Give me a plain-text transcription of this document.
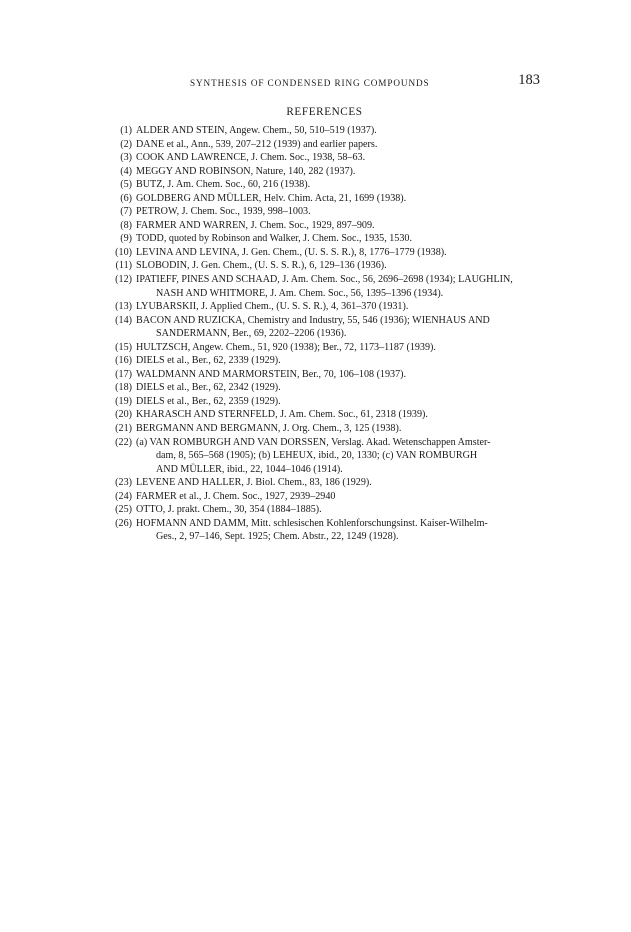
SYNTHESIS OF CONDENSED RING COMPOUNDS	183
REFERENCES
(1) ALDER AND STEIN, Angew. Chem., 50, 510–519 (1937).
(2) DANE et al., Ann., 539, 207–212 (1939) and earlier papers.
(3) COOK AND LAWRENCE, J. Chem. Soc., 1938, 58–63.
(4) MEGGY AND ROBINSON, Nature, 140, 282 (1937).
(5) BUTZ, J. Am. Chem. Soc., 60, 216 (1938).
(6) GOLDBERG AND MÜLLER, Helv. Chim. Acta, 21, 1699 (1938).
(7) PETROW, J. Chem. Soc., 1939, 998–1003.
(8) FARMER AND WARREN, J. Chem. Soc., 1929, 897–909.
(9) TODD, quoted by Robinson and Walker, J. Chem. Soc., 1935, 1530.
(10) LEVINA AND LEVINA, J. Gen. Chem., (U. S. S. R.), 8, 1776–1779 (1938).
(11) SLOBODIN, J. Gen. Chem., (U. S. S. R.), 6, 129–136 (1936).
(12) IPATIEFF, PINES AND SCHAAD, J. Am. Chem. Soc., 56, 2696–2698 (1934); LAUGHLIN,
NASH AND WHITMORE, J. Am. Chem. Soc., 56, 1395–1396 (1934).
(13) LYUBARSKII, J. Applied Chem., (U. S. S. R.), 4, 361–370 (1931).
(14) BACON AND RUZICKA, Chemistry and Industry, 55, 546 (1936); WIENHAUS AND
SANDERMANN, Ber., 69, 2202–2206 (1936).
(15) HULTZSCH, Angew. Chem., 51, 920 (1938); Ber., 72, 1173–1187 (1939).
(16) DIELS et al., Ber., 62, 2339 (1929).
(17) WALDMANN AND MARMORSTEIN, Ber., 70, 106–108 (1937).
(18) DIELS et al., Ber., 62, 2342 (1929).
(19) DIELS et al., Ber., 62, 2359 (1929).
(20) KHARASCH AND STERNFELD, J. Am. Chem. Soc., 61, 2318 (1939).
(21) BERGMANN AND BERGMANN, J. Org. Chem., 3, 125 (1938).
(22) (a) VAN ROMBURGH AND VAN DORSSEN, Verslag. Akad. Wetenschappen Amster-
dam, 8, 565–568 (1905); (b) LEHEUX, ibid., 20, 1330; (c) VAN ROMBURGH
AND MÜLLER, ibid., 22, 1044–1046 (1914).
(23) LEVENE AND HALLER, J. Biol. Chem., 83, 186 (1929).
(24) FARMER et al., J. Chem. Soc., 1927, 2939–2940
(25) OTTO, J. prakt. Chem., 30, 354 (1884–1885).
(26) HOFMANN AND DAMM, Mitt. schlesischen Kohlenforschungsinst. Kaiser-Wilhelm-
Ges., 2, 97–146, Sept. 1925; Chem. Abstr., 22, 1249 (1928).
